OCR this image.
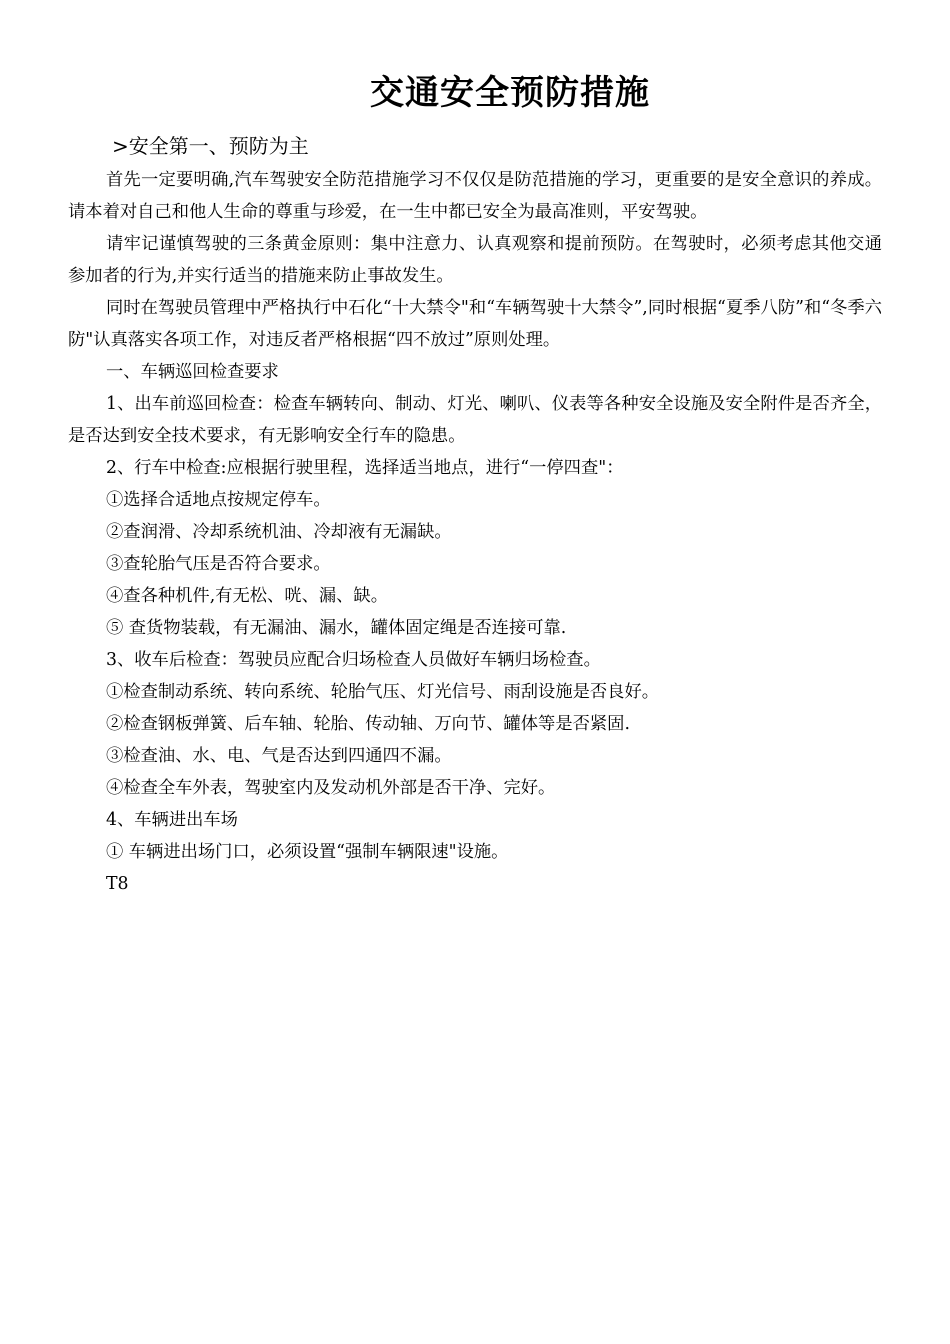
交通安全预防措施

>安全第一、预防为主

首先一定要明确,汽车驾驶安全防范措施学习不仅仅是防范措施的学习，更重要的是安全意识的养成。请本着对自己和他人生命的尊重与珍爱，在一生中都已安全为最高准则，平安驾驶。

请牢记谨慎驾驶的三条黄金原则：集中注意力、认真观察和提前预防。在驾驶时，必须考虑其他交通参加者的行为,并实行适当的措施来防止事故发生。

同时在驾驶员管理中严格执行中石化“十大禁令"和“车辆驾驶十大禁令”,同时根据“夏季八防”和“冬季六防"认真落实各项工作，对违反者严格根据“四不放过”原则处理。

一、车辆巡回检查要求

1、出车前巡回检查：检查车辆转向、制动、灯光、喇叭、仪表等各种安全设施及安全附件是否齐全，是否达到安全技术要求，有无影响安全行车的隐患。

2、行车中检查:应根据行驶里程，选择适当地点，进行“一停四查"：

①选择合适地点按规定停车。

②查润滑、冷却系统机油、冷却液有无漏缺。

③查轮胎气压是否符合要求。

④查各种机件,有无松、咣、漏、缺。

⑤ 查货物装载，有无漏油、漏水，罐体固定绳是否连接可靠.

3、收车后检查：驾驶员应配合归场检查人员做好车辆归场检查。

①检查制动系统、转向系统、轮胎气压、灯光信号、雨刮设施是否良好。

②检查钢板弹簧、后车轴、轮胎、传动轴、万向节、罐体等是否紧固.

③检查油、水、电、气是否达到四通四不漏。

④检查全车外表，驾驶室内及发动机外部是否干净、完好。

4、车辆进出车场

① 车辆进出场门口，必须设置“强制车辆限速"设施。

T8
